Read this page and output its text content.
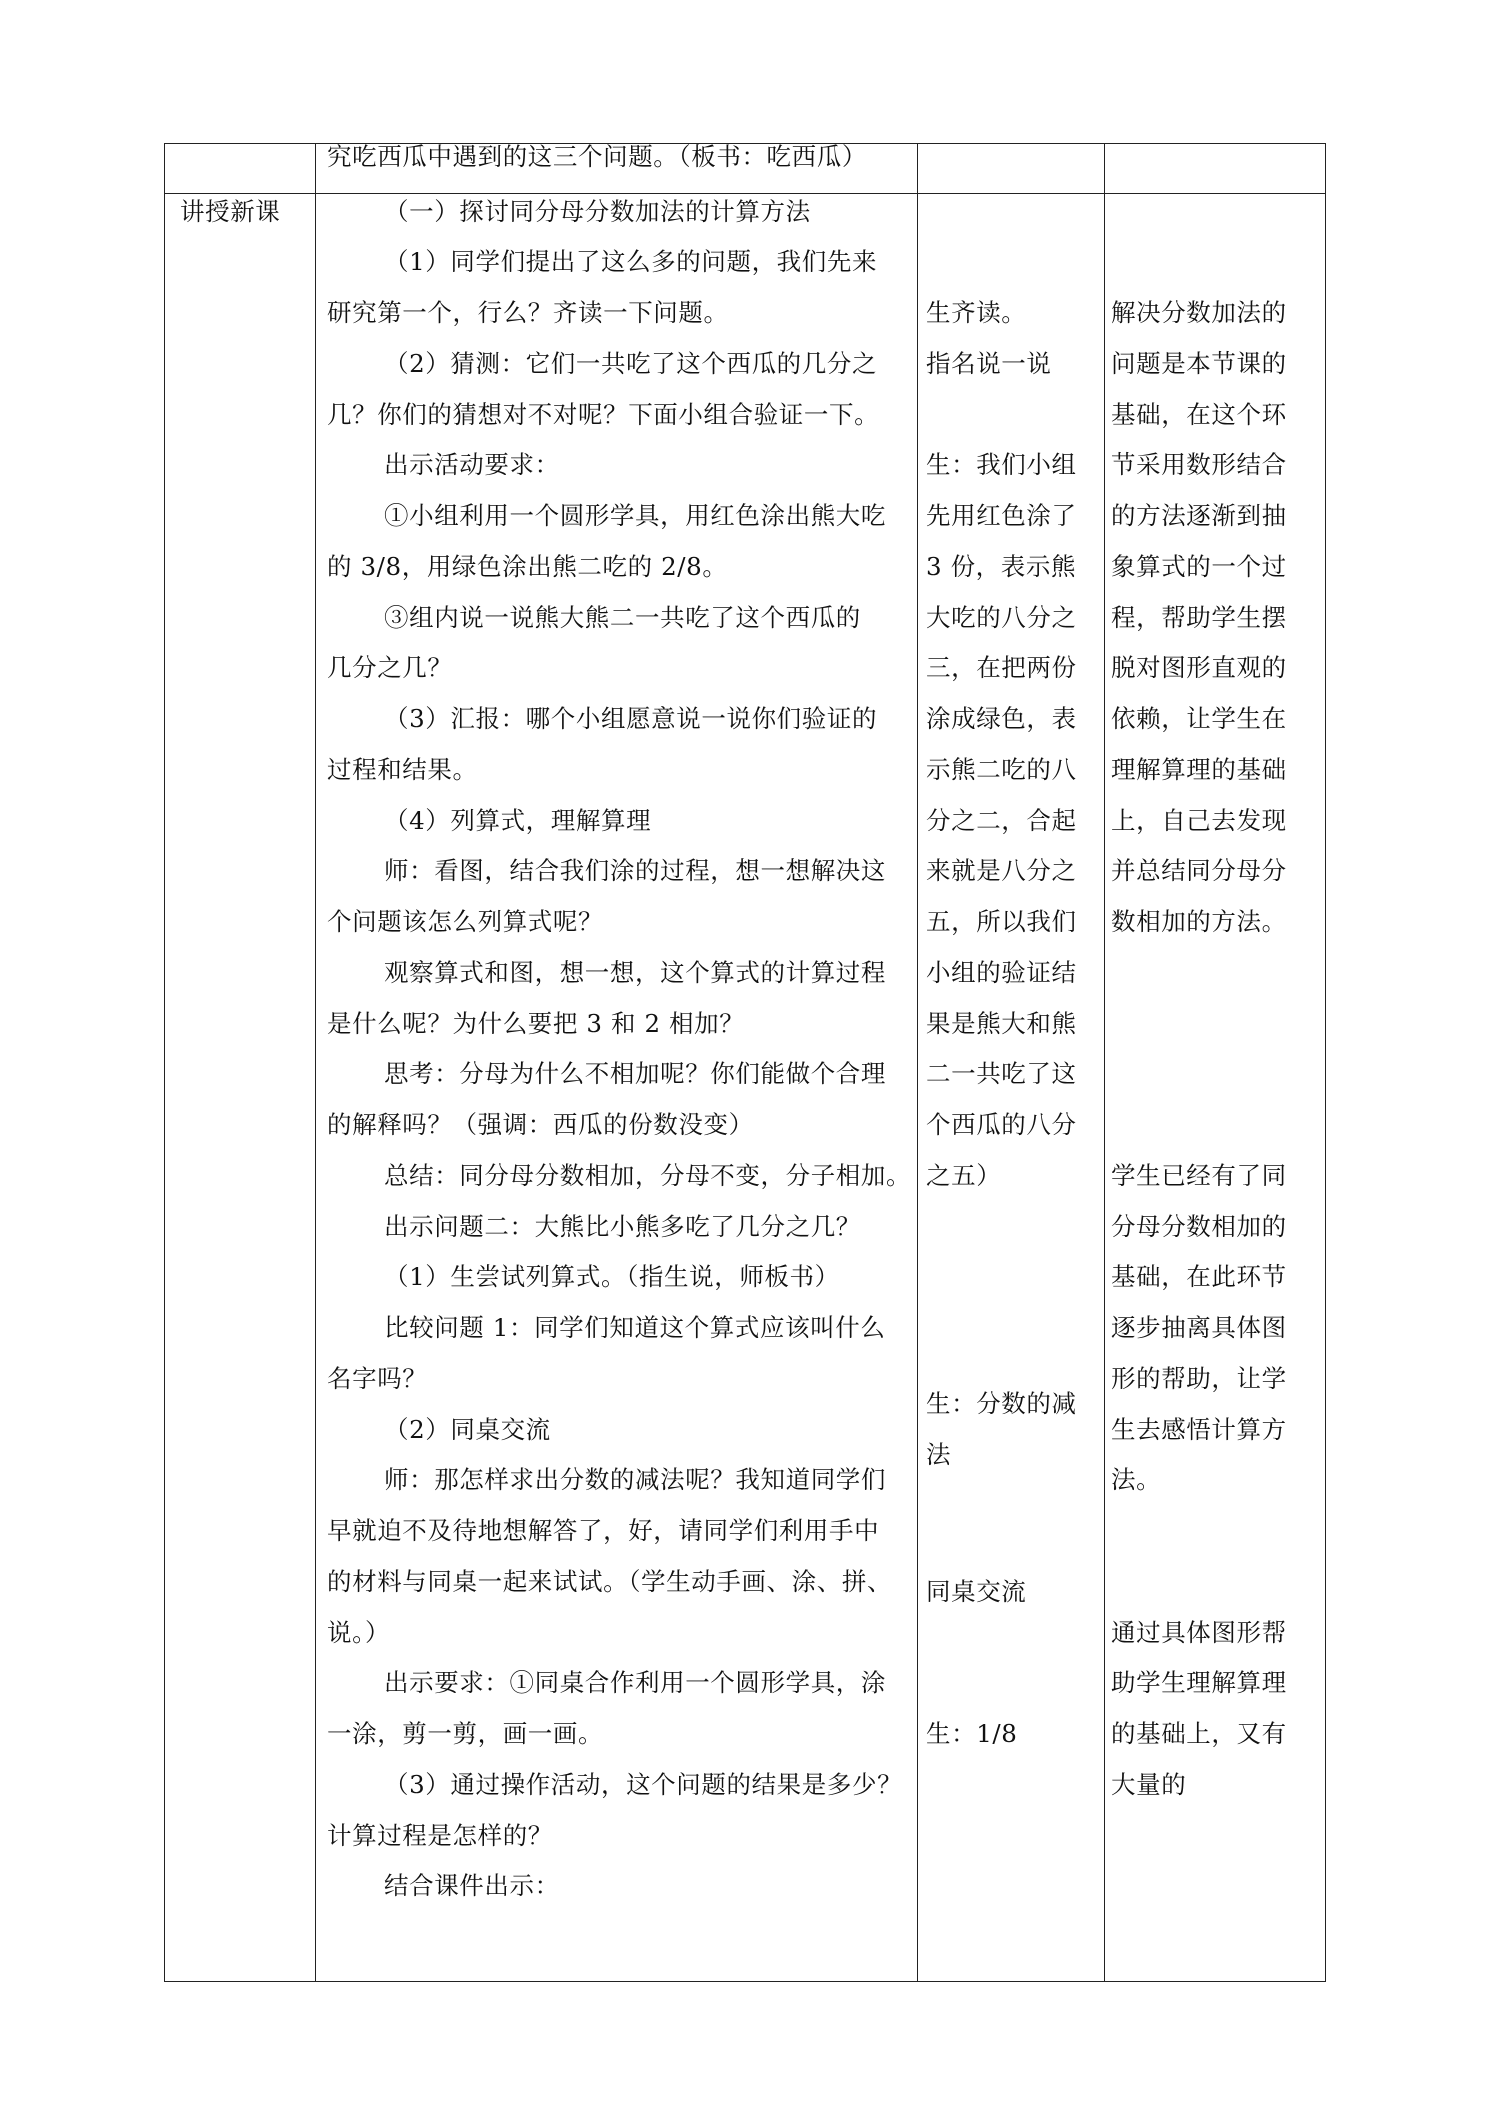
究吃西瓜中遇到的这三个问题。（板书：吃西瓜）
讲授新课	（一）探讨同分母分数加法的计算方法
（1）同学们提出了这么多的问题，我们先来
研究第一个，行么？齐读一下问题。
（2）猜测：它们一共吃了这个西瓜的几分之
几？你们的猜想对不对呢？下面小组合验证一下。
出示活动要求：
①小组利用一个圆形学具，用红色涂出熊大吃
的 3/8，用绿色涂出熊二吃的 2/8。
③组内说一说熊大熊二一共吃了这个西瓜的
几分之几？
（3）汇报：哪个小组愿意说一说你们验证的
过程和结果。
（4）列算式，理解算理
师：看图，结合我们涂的过程，想一想解决这
个问题该怎么列算式呢？
观察算式和图，想一想，这个算式的计算过程
是什么呢？为什么要把 3 和 2 相加？
思考：分母为什么不相加呢？你们能做个合理
的解释吗？（强调：西瓜的份数没变）
总结：同分母分数相加，分母不变，分子相加。
出示问题二：大熊比小熊多吃了几分之几？
（1）生尝试列算式。（指生说，师板书）
比较问题 1：同学们知道这个算式应该叫什么
名字吗？
（2）同桌交流
师：那怎样求出分数的减法呢？我知道同学们
早就迫不及待地想解答了，好，请同学们利用手中
的材料与同桌一起来试试。（学生动手画、涂、拼、
说。）
出示要求：①同桌合作利用一个圆形学具，涂
一涂，剪一剪，画一画。
（3）通过操作活动，这个问题的结果是多少？
计算过程是怎样的？
结合课件出示：
生齐读。
指名说一说
生：我们小组
先用红色涂了
3 份，表示熊
大吃的八分之
三，在把两份
涂成绿色，表
示熊二吃的八
分之二，合起
来就是八分之
五，所以我们
小组的验证结
果是熊大和熊
二一共吃了这
个西瓜的八分
之五）
生：分数的减
法
同桌交流
生：1/8
解决分数加法的
问题是本节课的
基础，在这个环
节采用数形结合
的方法逐渐到抽
象算式的一个过
程，帮助学生摆
脱对图形直观的
依赖，让学生在
理解算理的基础
上，自己去发现
并总结同分母分
数相加的方法。
学生已经有了同
分母分数相加的
基础，在此环节
逐步抽离具体图
形的帮助，让学
生去感悟计算方
法。
通过具体图形帮
助学生理解算理
的基础上，又有
大量的
